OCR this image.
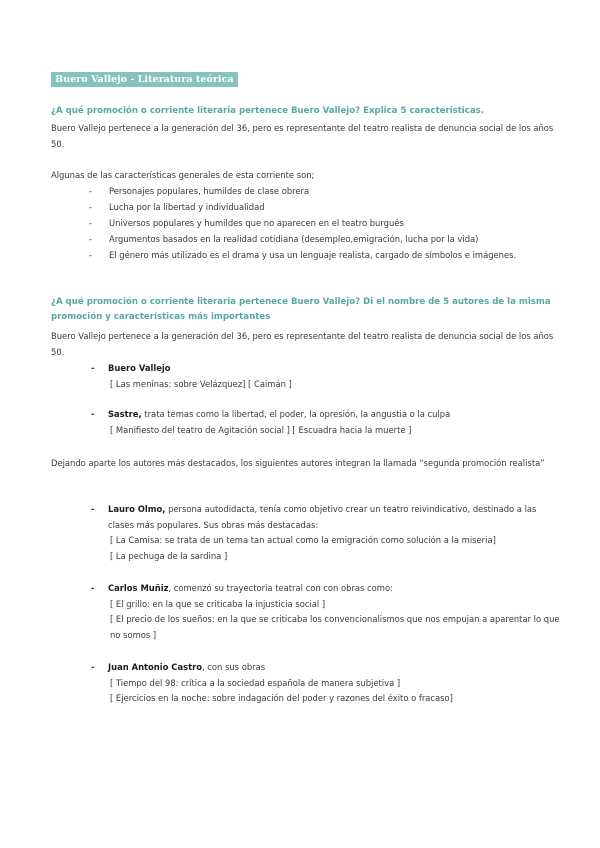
Buero Vallejo - Literatura teórica
¿A qué promoción o corriente literaria pertenece Buero Vallejo? Explica 5 características.
Buero Vallejo pertenece a la generación del 36, pero es representante del teatro realista de denuncia social de los años 50.
Algunas de las características generales de esta corriente son;
- Personajes populares, humildes de clase obrera
- Lucha por la libertad y individualidad
- Universos populares y humildes que no aparecen en el teatro burgués
- Argumentos basados en la realidad cotidiana (desempleo,emigración, lucha por la vida)
- El género más utilizado es el drama y usa un lenguaje realista, cargado de símbolos e imágenes.
¿A qué promoción o corriente literaria pertenece Buero Vallejo? Di el nombre de 5 autores de la misma
promoción y características más importantes
Buero Vallejo pertenece a la generación del 36, pero es representante del teatro realista de denuncia social de los años 50.
- Buero Vallejo

[ Las meninas: sobre Velázquez] [ Caimán ]
- Sastre, trata temas como la libertad, el poder, la opresión, la angustia o la culpa

[ Manifiesto del teatro de Agitación social ] [ Escuadra hacia la muerte ]
Dejando aparte los autores más destacados, los siguientes autores integran la llamada “segunda promoción realista”
- Lauro Olmo, persona autodidacta, tenía como objetivo crear un teatro reivindicativo, destinado a las clases más populares. Sus obras más destacadas:
[ La Camisa: se trata de un tema tan actual como la emigración como solución a la miseria]
[ La pechuga de la sardina ]
- Carlos Muñiz, comenzó su trayectoria teatral con con obras como:
[ El grillo: en la que se criticaba la injusticia social ]
[ El precio de los sueños: en la que se criticaba los convencionalismos que nos empujan a aparentar lo que no somos ]
- Juan Antonio Castro, con sus obras
[ Tiempo del 98: crítica a la sociedad española de manera subjetiva ]
[ Ejercicios en la noche: sobre indagación del poder y razones del éxito o fracaso]
